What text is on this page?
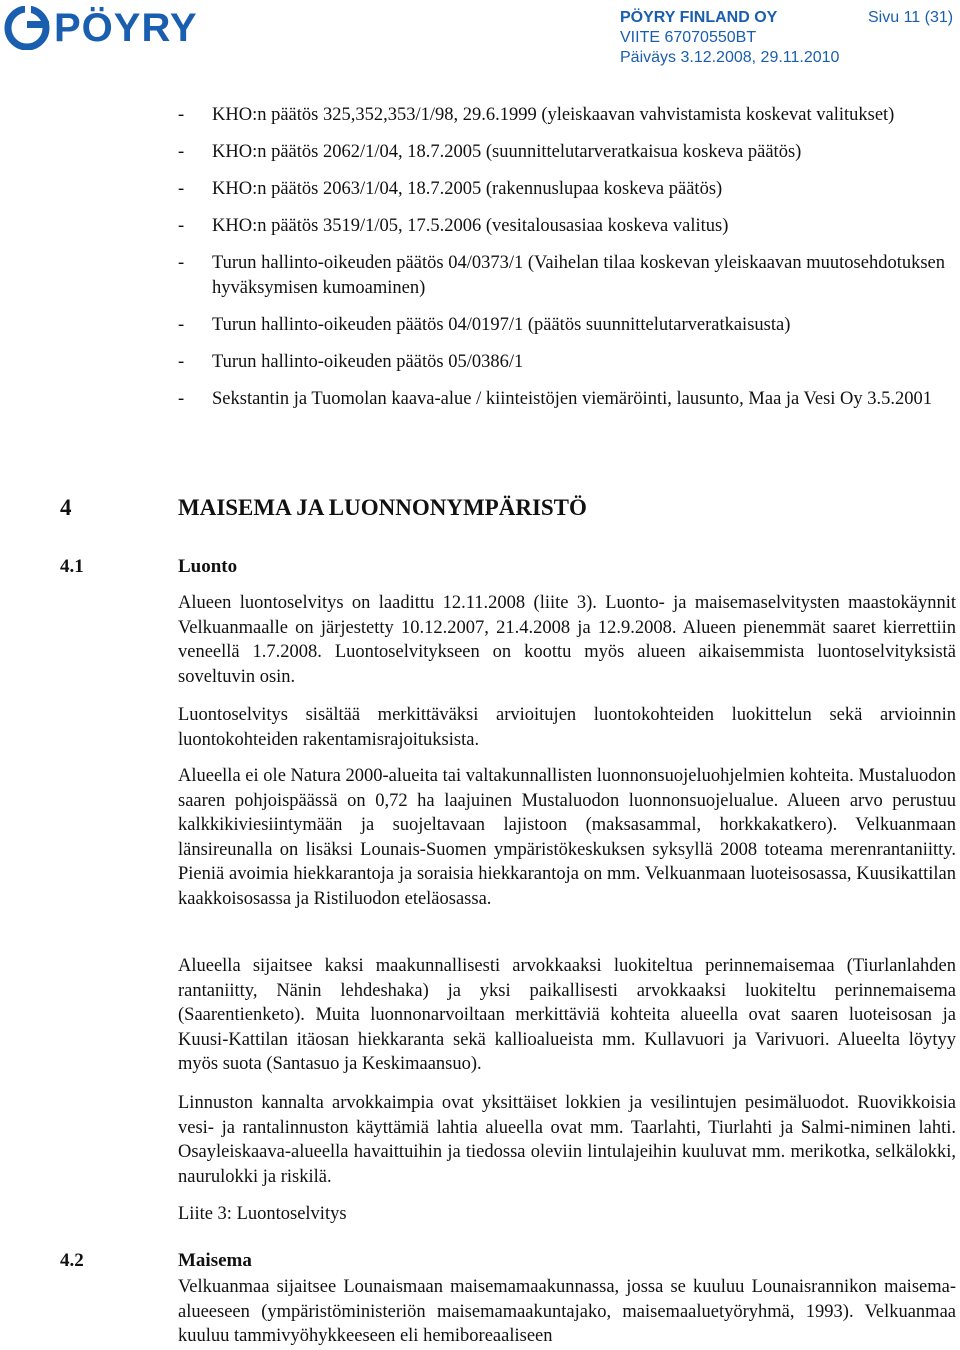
PÖYRY	PÖYRY FINLAND OY
VIITE 67070550BT
Päiväys 3.12.2008, 29.11.2010
Sivu 11 (31)
- KHO:n päätös 325,352,353/1/98, 29.6.1999 (yleiskaavan vahvistamista koskevat valitukset)
- KHO:n päätös 2062/1/04, 18.7.2005 (suunnittelutarveratkaisua koskeva päätös)
- KHO:n päätös 2063/1/04, 18.7.2005 (rakennuslupaa koskeva päätös)
- KHO:n päätös 3519/1/05, 17.5.2006 (vesitalousasiaa koskeva valitus)
- Turun hallinto-oikeuden päätös 04/0373/1 (Vaihelan tilaa koskevan yleiskaavan muutosehdotuksen hyväksymisen kumoaminen)
- Turun hallinto-oikeuden päätös 04/0197/1 (päätös suunnittelutarveratkaisusta)
- Turun hallinto-oikeuden päätös 05/0386/1
- Sekstantin ja Tuomolan kaava-alue / kiinteistöjen viemäröinti, lausunto, Maa ja Vesi Oy 3.5.2001
4	MAISEMA JA LUONNONYMPÄRISTÖ
4.1	Luonto
Alueen luontoselvitys on laadittu 12.11.2008 (liite 3). Luonto- ja maisemaselvitysten maastokäynnit Velkuanmaalle on järjestetty 10.12.2007, 21.4.2008 ja 12.9.2008. Alueen pienemmät saaret kierrettiin veneellä 1.7.2008. Luontoselvitykseen on koottu myös alueen aikaisemmista luontoselvityksistä soveltuvin osin.
Luontoselvitys sisältää merkittäväksi arvioitujen luontokohteiden luokittelun sekä arvioinnin luontokohteiden rakentamisrajoituksista.
Alueella ei ole Natura 2000-alueita tai valtakunnallisten luonnonsuojeluohjelmien kohteita. Mustaluodon saaren pohjoispäässä on 0,72 ha laajuinen Mustaluodon luonnonsuojelualue. Alueen arvo perustuu kalkkikiviesiintymään ja suojeltavaan lajistoon (maksasammal, horkkakatkero). Velkuanmaan länsireunalla on lisäksi Lounais-Suomen ympäristökeskuksen syksyllä 2008 toteama merenrantaniitty. Pieniä avoimia hiekkarantoja ja soraisia hiekkarantoja on mm. Velkuanmaan luoteisosassa, Kuusikattilan kaakkoisosassa ja Ristiluodon eteläosassa.
Alueella sijaitsee kaksi maakunnallisesti arvokkaaksi luokiteltua perinnemaisemaa (Tiurlanlahden rantaniitty, Nänin lehdeshaka) ja yksi paikallisesti arvokkaaksi luokiteltu perinnemaisema (Saarentienketo). Muita luonnonarvoiltaan merkittäviä kohteita alueella ovat saaren luoteisosan ja Kuusi-Kattilan itäosan hiekkaranta sekä kallioalueista mm. Kullavuori ja Varivuori. Alueelta löytyy myös suota (Santasuo ja Keskimaansuo).
Linnuston kannalta arvokkaimpia ovat yksittäiset lokkien ja vesilintujen pesimäluodot. Ruovikkoisia vesi- ja rantalinnuston käyttämiä lahtia alueella ovat mm. Taarlahti, Tiurlahti ja Salmi-niminen lahti. Osayleiskaava-alueella havaittuihin ja tiedossa oleviin lintulajeihin kuuluvat mm. merikotka, selkälokki, naurulokki ja riskilä.
Liite 3: Luontoselvitys
4.2	Maisema
Velkuanmaa sijaitsee Lounaismaan maisemamaakunnassa, jossa se kuuluu Lounaisrannikon maisema-alueeseen (ympäristöministeriön maisemamaakuntajako, maisemaaluetyöryhmä, 1993). Velkuanmaa kuuluu tammivyöhykkeeseen eli hemiboreaaliseen
